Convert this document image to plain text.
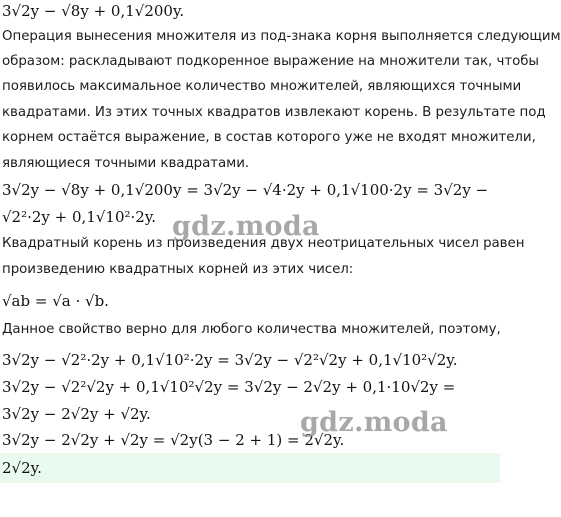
3√2y − √8y + 0,1√200y.
Операция вынесения множителя из под-знака корня выполняется следующим
образом: раскладывают подкоренное выражение на множители так, чтобы
появилось максимальное количество множителей, являющихся точными
квадратами. Из этих точных квадратов извлекают корень. В результате под
корнем остаётся выражение, в состав которого уже не входят множители,
являющиеся точными квадратами.
3√2y − √8y + 0,1√200y = 3√2y − √4·2y + 0,1√100·2y = 3√2y −
√2²·2y + 0,1√10²·2y. gdz.moda
Квадратный корень из произведения двух неотрицательных чисел равен
произведению квадратных корней из этих чисел:
√ab = √a · √b.
Данное свойство верно для любого количества множителей, поэтому,
3√2y − √2²·2y + 0,1√10²·2y = 3√2y − √2²√2y + 0,1√10²√2y.
3√2y − √2²√2y + 0,1√10²√2y = 3√2y − 2√2y + 0,1·10√2y =
3√2y − 2√2y + √2y.
3√2y − 2√2y + √2y = √2y(3 − 2 + 1) = 2√2y.
gdz.moda
2√2y.
